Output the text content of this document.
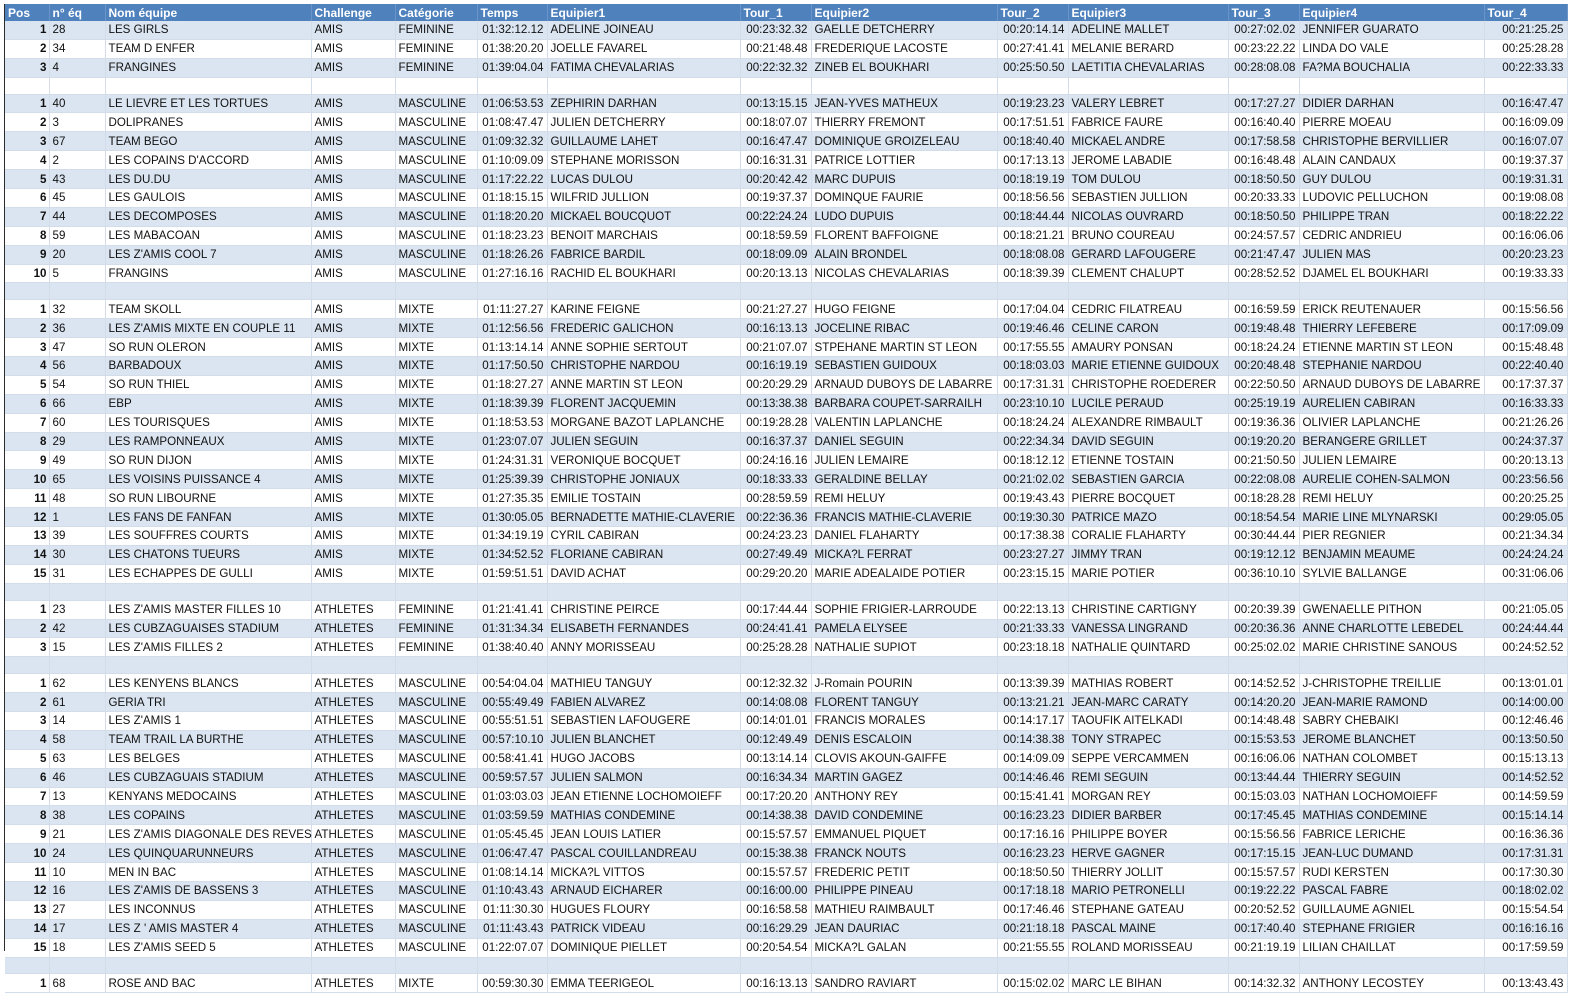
Pos	n° éq	Nom équipe	Challenge	Catégorie	Temps	Equipier1	Tour_1	Equipier2	Tour_2	Equipier3	Tour_3	Equipier4	Tour_4
1	28	LES GIRLS	AMIS	FEMININE	01:32:12.12	ADELINE JOINEAU	00:23:32.32	GAELLE DETCHERRY	00:20:14.14	ADELINE MALLET	00:27:02.02	JENNIFER GUARATO	00:21:25.25
2	34	TEAM D ENFER	AMIS	FEMININE	01:38:20.20	JOELLE FAVAREL	00:21:48.48	FREDERIQUE LACOSTE	00:27:41.41	MELANIE BERARD	00:23:22.22	LINDA DO VALE	00:25:28.28
3	4	FRANGINES	AMIS	FEMININE	01:39:04.04	FATIMA CHEVALARIAS	00:22:32.32	ZINEB EL BOUKHARI	00:25:50.50	LAETITIA CHEVALARIAS	00:28:08.08	FA?MA BOUCHALIA	00:22:33.33

1	40	LE LIEVRE ET LES TORTUES	AMIS	MASCULINE	01:06:53.53	ZEPHIRIN DARHAN	00:13:15.15	JEAN-YVES MATHEUX	00:19:23.23	VALERY LEBRET	00:17:27.27	DIDIER DARHAN	00:16:47.47
2	3	DOLIPRANES	AMIS	MASCULINE	01:08:47.47	JULIEN DETCHERRY	00:18:07.07	THIERRY FREMONT	00:17:51.51	FABRICE FAURE	00:16:40.40	PIERRE MOEAU	00:16:09.09
3	67	TEAM BEGO	AMIS	MASCULINE	01:09:32.32	GUILLAUME LAHET	00:16:47.47	DOMINIQUE GROIZELEAU	00:18:40.40	MICKAEL ANDRE	00:17:58.58	CHRISTOPHE BERVILLIER	00:16:07.07
4	2	LES COPAINS D'ACCORD	AMIS	MASCULINE	01:10:09.09	STEPHANE MORISSON	00:16:31.31	PATRICE LOTTIER	00:17:13.13	JEROME LABADIE	00:16:48.48	ALAIN CANDAUX	00:19:37.37
5	43	LES DU.DU	AMIS	MASCULINE	01:17:22.22	LUCAS DULOU	00:20:42.42	MARC DUPUIS	00:18:19.19	TOM DULOU	00:18:50.50	GUY DULOU	00:19:31.31
6	45	LES GAULOIS	AMIS	MASCULINE	01:18:15.15	WILFRID JULLION	00:19:37.37	DOMINQUE FAURIE	00:18:56.56	SEBASTIEN JULLION	00:20:33.33	LUDOVIC PELLUCHON	00:19:08.08
7	44	LES DECOMPOSES	AMIS	MASCULINE	01:18:20.20	MICKAEL BOUCQUOT	00:22:24.24	LUDO DUPUIS	00:18:44.44	NICOLAS OUVRARD	00:18:50.50	PHILIPPE TRAN	00:18:22.22
8	59	LES MABACOAN	AMIS	MASCULINE	01:18:23.23	BENOIT MARCHAIS	00:18:59.59	FLORENT BAFFOIGNE	00:18:21.21	BRUNO COUREAU	00:24:57.57	CEDRIC ANDRIEU	00:16:06.06
9	20	LES Z'AMIS COOL 7	AMIS	MASCULINE	01:18:26.26	FABRICE BARDIL	00:18:09.09	ALAIN BRONDEL	00:18:08.08	GERARD LAFOUGERE	00:21:47.47	JULIEN MAS	00:20:23.23
10	5	FRANGINS	AMIS	MASCULINE	01:27:16.16	RACHID EL BOUKHARI	00:20:13.13	NICOLAS CHEVALARIAS	00:18:39.39	CLEMENT CHALUPT	00:28:52.52	DJAMEL EL BOUKHARI	00:19:33.33

1	32	TEAM SKOLL	AMIS	MIXTE	01:11:27.27	KARINE FEIGNE	00:21:27.27	HUGO FEIGNE	00:17:04.04	CEDRIC FILATREAU	00:16:59.59	ERICK REUTENAUER	00:15:56.56
2	36	LES Z'AMIS MIXTE EN COUPLE 11	AMIS	MIXTE	01:12:56.56	FREDERIC GALICHON	00:16:13.13	JOCELINE RIBAC	00:19:46.46	CELINE CARON	00:19:48.48	THIERRY LEFEBERE	00:17:09.09
3	47	SO RUN OLERON	AMIS	MIXTE	01:13:14.14	ANNE SOPHIE SERTOUT	00:21:07.07	STPEHANE MARTIN ST LEON	00:17:55.55	AMAURY PONSAN	00:18:24.24	ETIENNE MARTIN ST LEON	00:15:48.48
4	56	BARBADOUX	AMIS	MIXTE	01:17:50.50	CHRISTOPHE NARDOU	00:16:19.19	SEBASTIEN GUIDOUX	00:18:03.03	MARIE ETIENNE GUIDOUX	00:20:48.48	STEPHANIE NARDOU	00:22:40.40
5	54	SO RUN THIEL	AMIS	MIXTE	01:18:27.27	ANNE MARTIN ST LEON	00:20:29.29	ARNAUD DUBOYS DE LABARRE	00:17:31.31	CHRISTOPHE ROEDERER	00:22:50.50	ARNAUD DUBOYS DE LABARRE	00:17:37.37
6	66	EBP	AMIS	MIXTE	01:18:39.39	FLORENT JACQUEMIN	00:13:38.38	BARBARA COUPET-SARRAILH	00:23:10.10	LUCILE PERAUD	00:25:19.19	AURELIEN CABIRAN	00:16:33.33
7	60	LES TOURISQUES	AMIS	MIXTE	01:18:53.53	MORGANE BAZOT LAPLANCHE	00:19:28.28	VALENTIN LAPLANCHE	00:18:24.24	ALEXANDRE RIMBAULT	00:19:36.36	OLIVIER LAPLANCHE	00:21:26.26
8	29	LES RAMPONNEAUX	AMIS	MIXTE	01:23:07.07	JULIEN SEGUIN	00:16:37.37	DANIEL SEGUIN	00:22:34.34	DAVID SEGUIN	00:19:20.20	BERANGERE GRILLET	00:24:37.37
9	49	SO RUN DIJON	AMIS	MIXTE	01:24:31.31	VERONIQUE BOCQUET	00:24:16.16	JULIEN LEMAIRE	00:18:12.12	ETIENNE TOSTAIN	00:21:50.50	JULIEN LEMAIRE	00:20:13.13
10	65	LES VOISINS PUISSANCE 4	AMIS	MIXTE	01:25:39.39	CHRISTOPHE JONIAUX	00:18:33.33	GERALDINE BELLAY	00:21:02.02	SEBASTIEN GARCIA	00:22:08.08	AURELIE COHEN-SALMON	00:23:56.56
11	48	SO RUN LIBOURNE	AMIS	MIXTE	01:27:35.35	EMILIE TOSTAIN	00:28:59.59	REMI HELUY	00:19:43.43	PIERRE BOCQUET	00:18:28.28	REMI HELUY	00:20:25.25
12	1	LES FANS DE FANFAN	AMIS	MIXTE	01:30:05.05	BERNADETTE MATHIE-CLAVERIE	00:22:36.36	FRANCIS MATHIE-CLAVERIE	00:19:30.30	PATRICE MAZO	00:18:54.54	MARIE LINE MLYNARSKI	00:29:05.05
13	39	LES SOUFFRES COURTS	AMIS	MIXTE	01:34:19.19	CYRIL CABIRAN	00:24:23.23	DANIEL FLAHARTY	00:17:38.38	CORALIE FLAHARTY	00:30:44.44	PIER REGNIER	00:21:34.34
14	30	LES CHATONS TUEURS	AMIS	MIXTE	01:34:52.52	FLORIANE CABIRAN	00:27:49.49	MICKA?L FERRAT	00:23:27.27	JIMMY TRAN	00:19:12.12	BENJAMIN MEAUME	00:24:24.24
15	31	LES ECHAPPES DE GULLI	AMIS	MIXTE	01:59:51.51	DAVID ACHAT	00:29:20.20	MARIE ADEALAIDE POTIER	00:23:15.15	MARIE POTIER	00:36:10.10	SYLVIE BALLANGE	00:31:06.06

1	23	LES Z'AMIS MASTER FILLES 10	ATHLETES	FEMININE	01:21:41.41	CHRISTINE PEIRCE	00:17:44.44	SOPHIE FRIGIER-LARROUDE	00:22:13.13	CHRISTINE CARTIGNY	00:20:39.39	GWENAELLE PITHON	00:21:05.05
2	42	LES CUBZAGUAISES STADIUM	ATHLETES	FEMININE	01:31:34.34	ELISABETH FERNANDES	00:24:41.41	PAMELA ELYSEE	00:21:33.33	VANESSA LINGRAND	00:20:36.36	ANNE CHARLOTTE LEBEDEL	00:24:44.44
3	15	LES Z'AMIS FILLES 2	ATHLETES	FEMININE	01:38:40.40	ANNY MORISSEAU	00:25:28.28	NATHALIE SUPIOT	00:23:18.18	NATHALIE QUINTARD	00:25:02.02	MARIE CHRISTINE SANOUS	00:24:52.52

1	62	LES KENYENS BLANCS	ATHLETES	MASCULINE	00:54:04.04	MATHIEU TANGUY	00:12:32.32	J-Romain POURIN	00:13:39.39	MATHIAS ROBERT	00:14:52.52	J-CHRISTOPHE TREILLIE	00:13:01.01
2	61	GERIA TRI	ATHLETES	MASCULINE	00:55:49.49	FABIEN ALVAREZ	00:14:08.08	FLORENT TANGUY	00:13:21.21	JEAN-MARC CARATY	00:14:20.20	JEAN-MARIE RAMOND	00:14:00.00
3	14	LES Z'AMIS 1	ATHLETES	MASCULINE	00:55:51.51	SEBASTIEN LAFOUGERE	00:14:01.01	FRANCIS MORALES	00:14:17.17	TAOUFIK AITELKADI	00:14:48.48	SABRY CHEBAIKI	00:12:46.46
4	58	TEAM TRAIL LA BURTHE	ATHLETES	MASCULINE	00:57:10.10	JULIEN BLANCHET	00:12:49.49	DENIS ESCALOIN	00:14:38.38	TONY STRAPEC	00:15:53.53	JEROME BLANCHET	00:13:50.50
5	63	LES BELGES	ATHLETES	MASCULINE	00:58:41.41	HUGO JACOBS	00:13:14.14	CLOVIS AKOUN-GAIFFE	00:14:09.09	SEPPE VERCAMMEN	00:16:06.06	NATHAN COLOMBET	00:15:13.13
6	46	LES CUBZAGUAIS STADIUM	ATHLETES	MASCULINE	00:59:57.57	JULIEN SALMON	00:16:34.34	MARTIN GAGEZ	00:14:46.46	REMI SEGUIN	00:13:44.44	THIERRY SEGUIN	00:14:52.52
7	13	KENYANS MEDOCAINS	ATHLETES	MASCULINE	01:03:03.03	JEAN ETIENNE LOCHOMOIEFF	00:17:20.20	ANTHONY REY	00:15:41.41	MORGAN REY	00:15:03.03	NATHAN LOCHOMOIEFF	00:14:59.59
8	38	LES COPAINS	ATHLETES	MASCULINE	01:03:59.59	MATHIAS CONDEMINE	00:14:38.38	DAVID CONDEMINE	00:16:23.23	DIDIER BARBER	00:17:45.45	MATHIAS CONDEMINE	00:15:14.14
9	21	LES Z'AMIS DIAGONALE DES REVES	ATHLETES	MASCULINE	01:05:45.45	JEAN LOUIS LATIER	00:15:57.57	EMMANUEL PIQUET	00:17:16.16	PHILIPPE BOYER	00:15:56.56	FABRICE LERICHE	00:16:36.36
10	24	LES QUINQUARUNNEURS	ATHLETES	MASCULINE	01:06:47.47	PASCAL COUILLANDREAU	00:15:38.38	FRANCK NOUTS	00:16:23.23	HERVE GAGNER	00:17:15.15	JEAN-LUC DUMAND	00:17:31.31
11	10	MEN IN BAC	ATHLETES	MASCULINE	01:08:14.14	MICKA?L VITTOS	00:15:57.57	FREDERIC PETIT	00:18:50.50	THIERRY JOLLIT	00:15:57.57	RUDI KERSTEN	00:17:30.30
12	16	LES Z'AMIS DE BASSENS 3	ATHLETES	MASCULINE	01:10:43.43	ARNAUD EICHARER	00:16:00.00	PHILIPPE PINEAU	00:17:18.18	MARIO PETRONELLI	00:19:22.22	PASCAL FABRE	00:18:02.02
13	27	LES INCONNUS	ATHLETES	MASCULINE	01:11:30.30	HUGUES FLOURY	00:16:58.58	MATHIEU RAIMBAULT	00:17:46.46	STEPHANE GATEAU	00:20:52.52	GUILLAUME AGNIEL	00:15:54.54
14	17	LES Z ' AMIS MASTER 4	ATHLETES	MASCULINE	01:11:43.43	PATRICK VIDEAU	00:16:29.29	JEAN DAURIAC	00:21:18.18	PASCAL MAINE	00:17:40.40	STEPHANE FRIGIER	00:16:16.16
15	18	LES Z'AMIS SEED 5	ATHLETES	MASCULINE	01:22:07.07	DOMINIQUE PIELLET	00:20:54.54	MICKA?L GALAN	00:21:55.55	ROLAND MORISSEAU	00:21:19.19	LILIAN CHAILLAT	00:17:59.59

1	68	ROSE AND BAC	ATHLETES	MIXTE	00:59:30.30	EMMA TEERIGEOL	00:16:13.13	SANDRO RAVIART	00:15:02.02	MARC LE BIHAN	00:14:32.32	ANTHONY LECOSTEY	00:13:43.43
